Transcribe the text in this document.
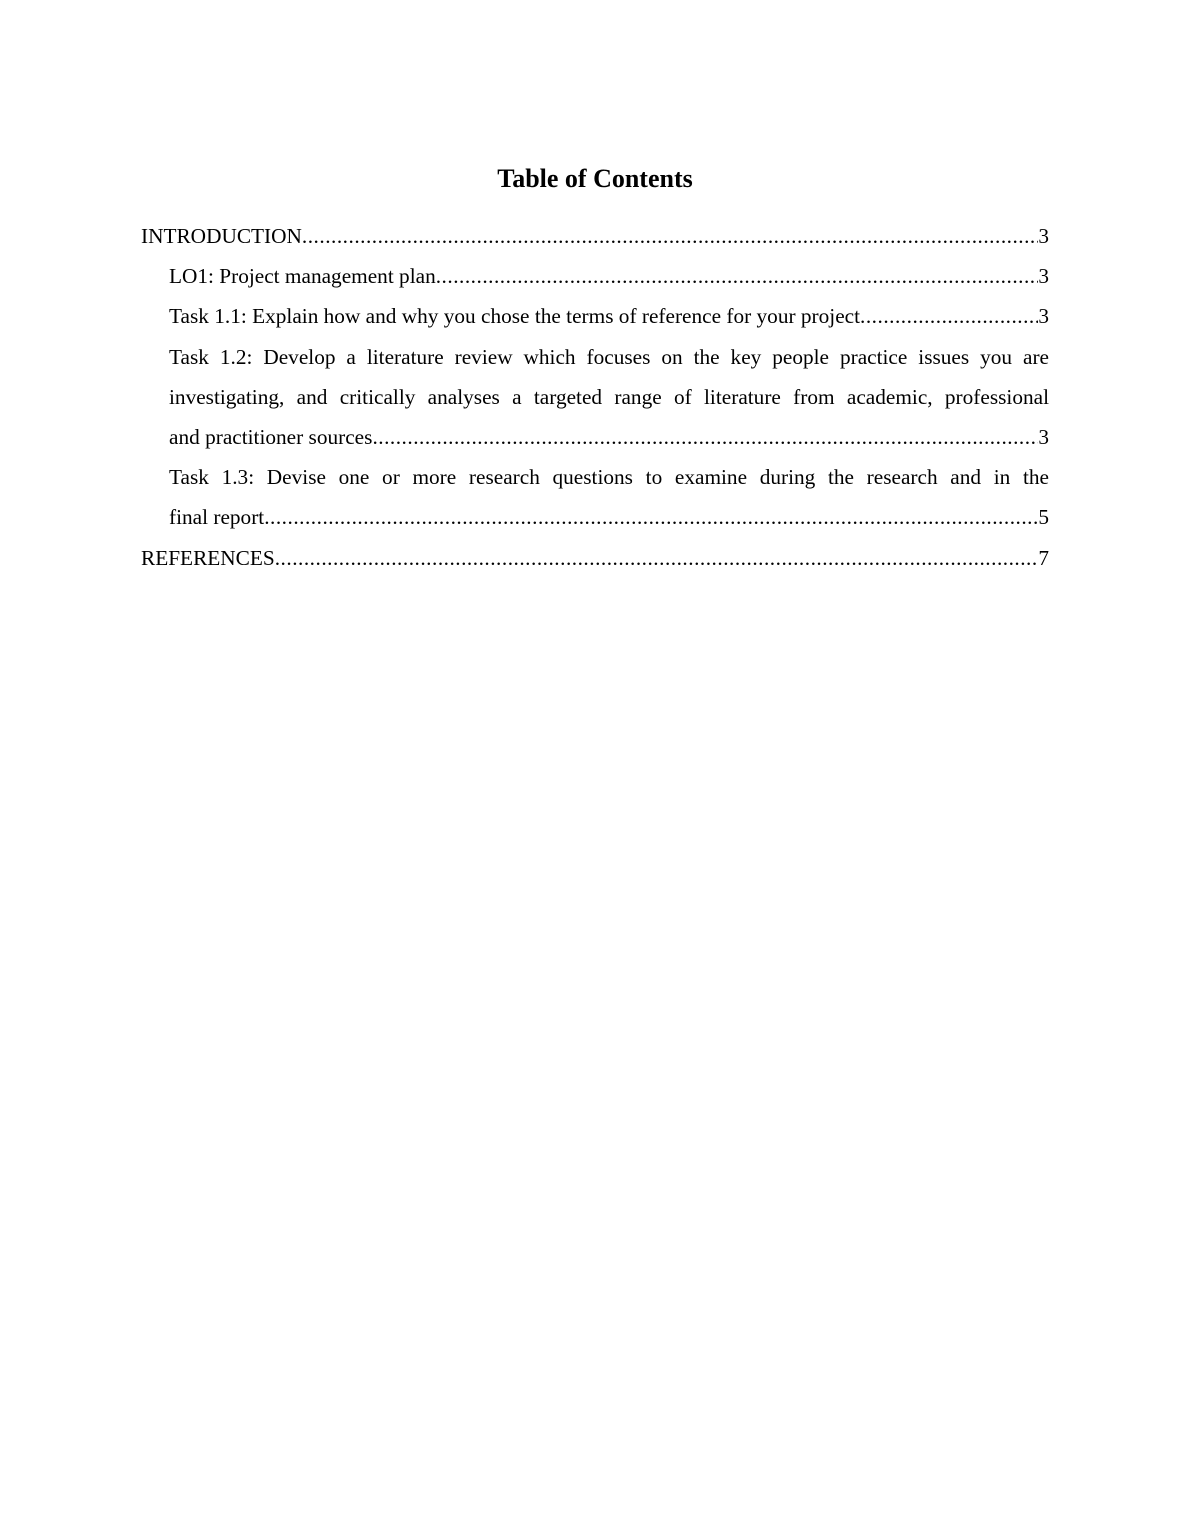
Table of Contents
INTRODUCTION .....	3
LO1: Project management plan .....	3
Task 1.1: Explain how and why you chose the terms of reference for your project .....	3
Task 1.2: Develop a literature review which focuses on the key people practice issues you are investigating, and critically analyses a targeted range of literature from academic, professional
and practitioner sources .....	3
Task 1.3: Devise one or more research questions to examine during the research and in the
final report .....	5
REFERENCES .....	7
